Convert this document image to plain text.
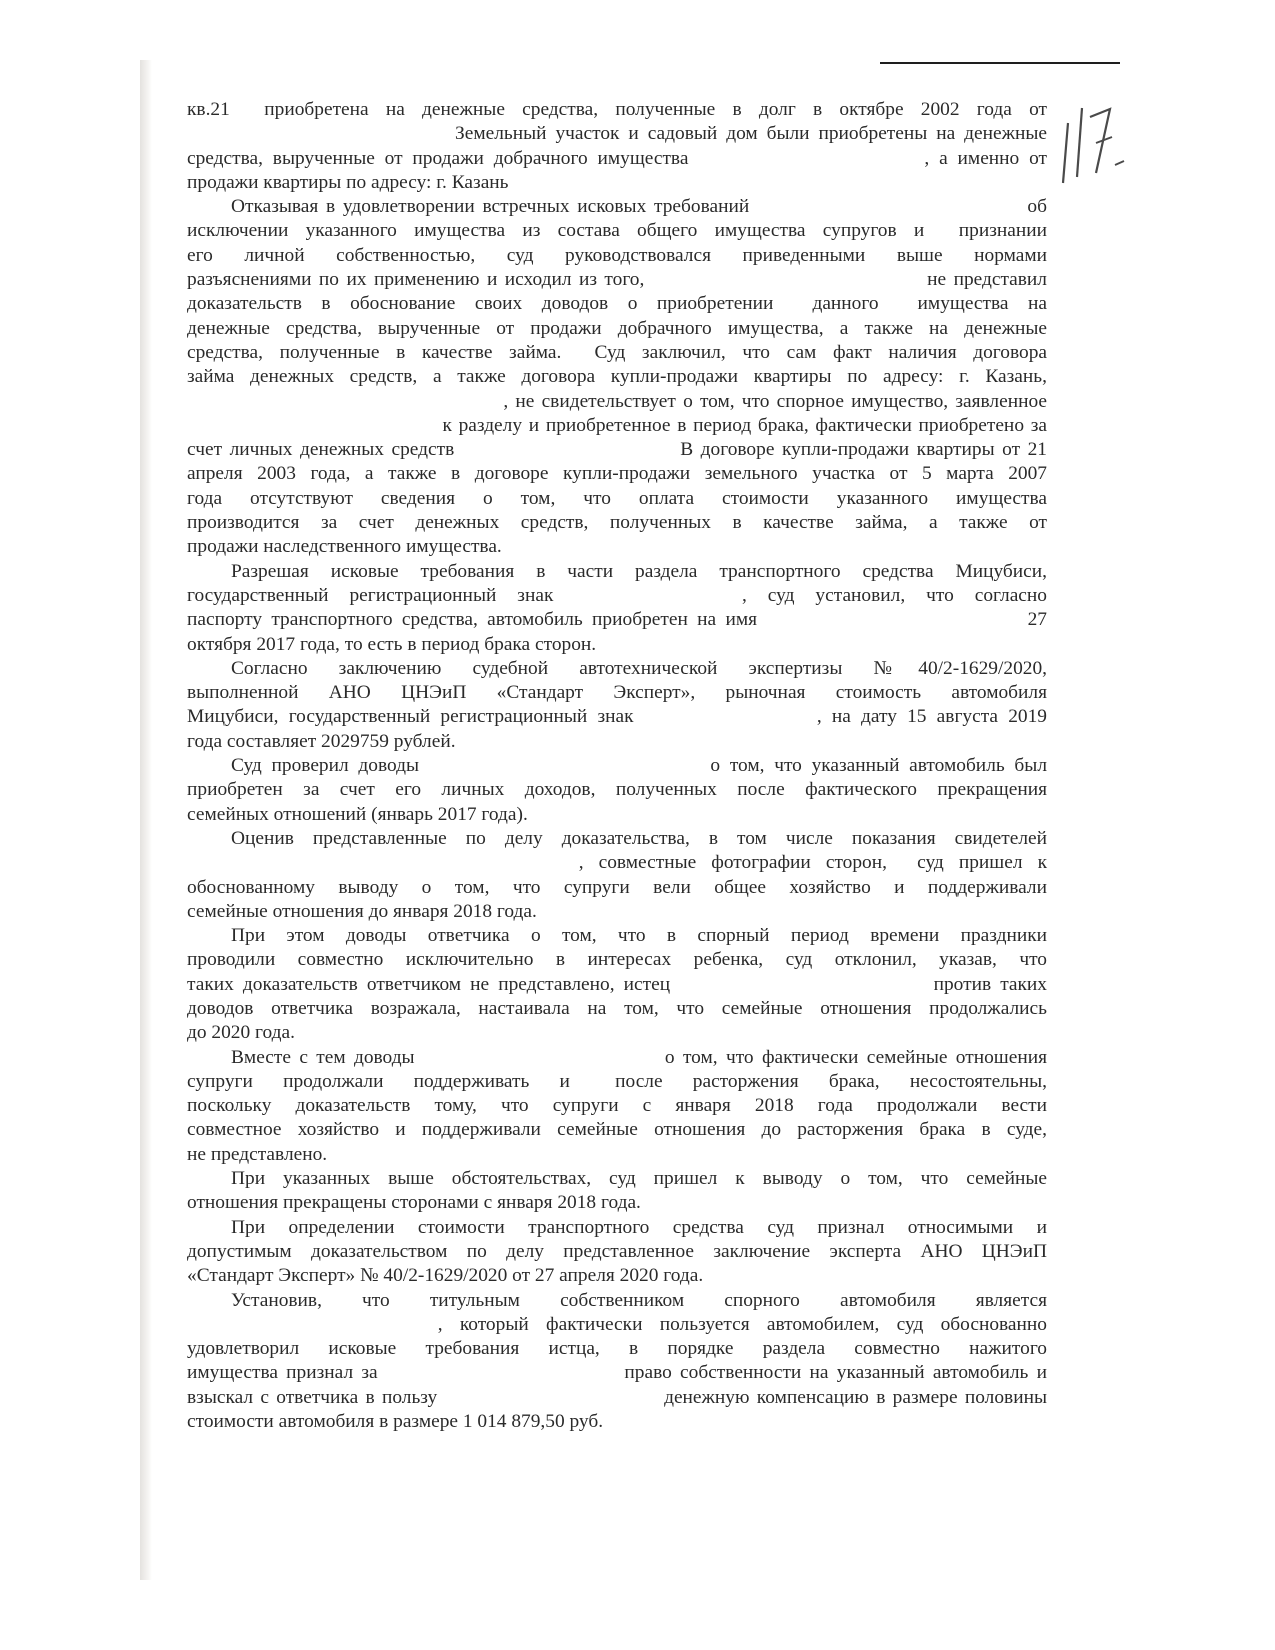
кв.21  приобретена на денежные средства, полученные в долг в октябре 2002 года от
Земельный участок и садовый дом были приобретены на денежные
средства, вырученные от продажи добрачного имущества                        , а именно от
продажи квартиры по адресу: г. Казань
Отказывая в удовлетворении встречных исковых требований                                    об
исключении указанного имущества из состава общего имущества супругов и  признании
его личной собственностью, суд руководствовался приведенными выше нормами
разъяснениями по их применению и исходил из того,                                      не представил
доказательств в обоснование своих доводов о приобретении  данного  имущества на
денежные средства, вырученные от продажи добрачного имущества, а также на денежные
средства, полученные в качестве займа.  Суд заключил, что сам факт наличия договора
займа денежных средств, а также договора купли-продажи квартиры по адресу: г. Казань,
, не свидетельствует о том, что спорное имущество, заявленное
к разделу и приобретенное в период брака, фактически приобретено за
счет личных денежных средств                              В договоре купли-продажи квартиры от 21
апреля 2003 года, а также в договоре купли-продажи земельного участка от 5 марта 2007
года  отсутствуют  сведения  о  том,  что  оплата  стоимости  указанного  имущества
производится за счет денежных средств, полученных в качестве займа, а также от
продажи наследственного имущества.
Разрешая исковые требования в части раздела транспортного средства Мицубиси,
государственный  регистрационный  знак                  ,  суд  установил,  что  согласно
паспорту транспортного средства, автомобиль приобретен на имя                             27
октября 2017 года, то есть в период брака сторон.
Согласно заключению судебной автотехнической экспертизы №40/2-1629/2020,
выполненной АНО ЦНЭиП «Стандарт Эксперт», рыночная стоимость автомобиля
Мицубиси, государственный регистрационный знак                  , на дату 15 августа 2019
года составляет 2029759 рублей.
Суд проверил доводы                              о том, что указанный автомобиль был
приобретен за счет его личных доходов, полученных после фактического прекращения
семейных отношений (январь 2017 года).
Оценив представленные по делу доказательства, в том числе показания свидетелей
,  совместные  фотографии  сторон,    суд  пришел  к
обоснованному выводу о том, что супруги вели общее хозяйство и поддерживали
семейные отношения до января 2018 года.
При этом доводы ответчика о том, что в спорный период времени праздники
проводили совместно исключительно в интересах ребенка, суд отклонил, указав, что
таких доказательств ответчиком не представлено, истец                             против таких
доводов ответчика возражала, настаивала на том, что семейные отношения продолжались
до 2020 года.
Вместе с тем доводы                              о том, что фактически семейные отношения
супруги  продолжали  поддерживать  и   после  расторжения  брака,  несостоятельны,
поскольку доказательств тому, что супруги с января 2018 года продолжали вести
совместное хозяйство и поддерживали семейные отношения до расторжения брака в суде,
не представлено.
При указанных выше обстоятельствах, суд пришел к выводу о том, что семейные
отношения прекращены сторонами с января 2018 года.
При определении стоимости транспортного средства суд признал относимыми и
допустимым доказательством по делу представленное заключение эксперта АНО ЦНЭиП
«Стандарт Эксперт» № 40/2-1629/2020 от 27 апреля 2020 года.
Установив,   что   титульным   собственником   спорного   автомобиля   является
,  который  фактически  пользуется  автомобилем,  суд  обоснованно
удовлетворил  исковые  требования  истца,  в  порядке  раздела  совместно  нажитого
имущества признал за                              право собственности на указанный автомобиль и
взыскал с ответчика в пользу                               денежную компенсацию в размере половины
стоимости автомобиля в размере 1 014 879,50 руб.
